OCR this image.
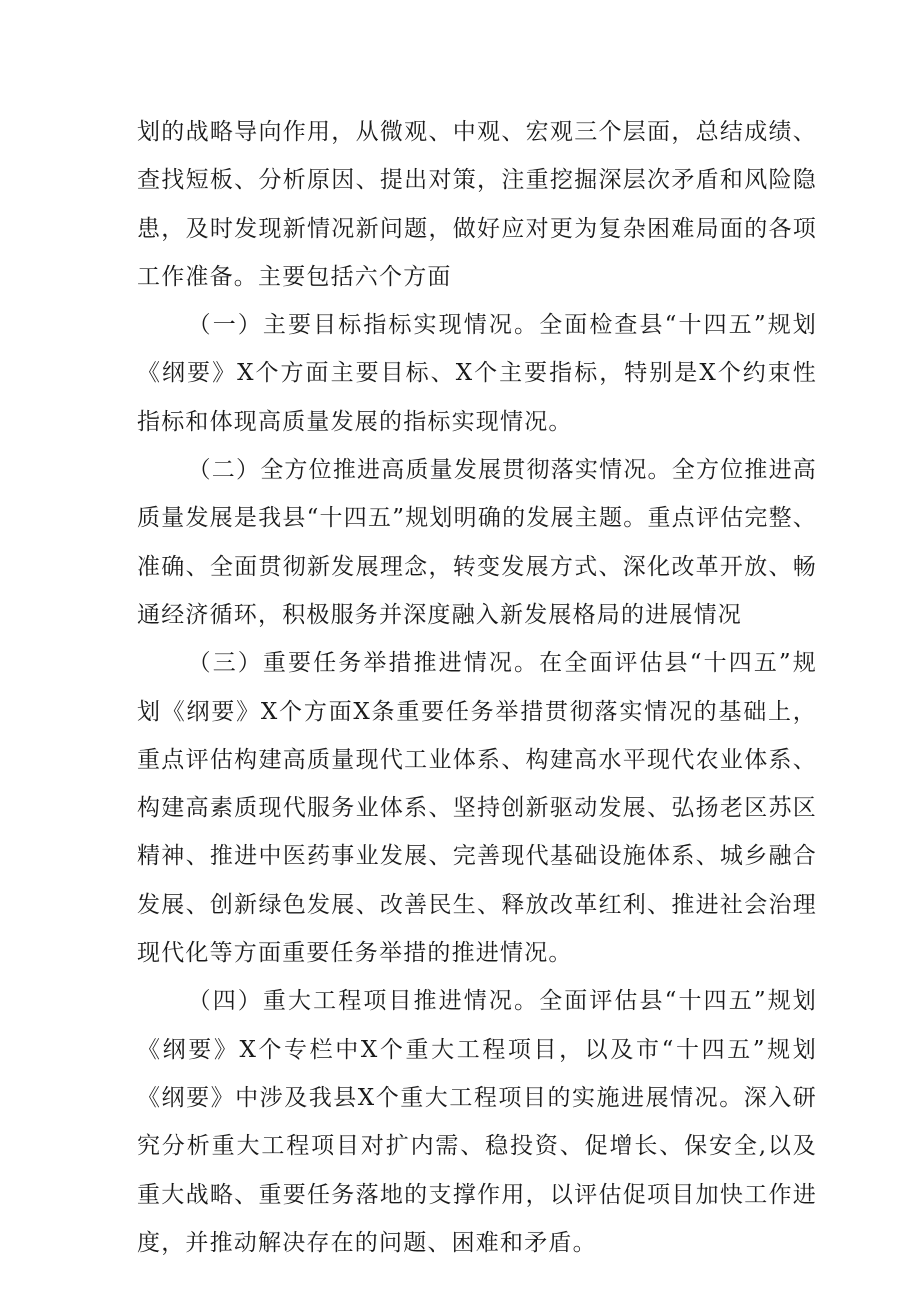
划的战略导向作用，从微观、中观、宏观三个层面，总结成绩、查找短板、分析原因、提出对策，注重挖掘深层次矛盾和风险隐患，及时发现新情况新问题，做好应对更为复杂困难局面的各项工作准备。主要包括六个方面

（一）主要目标指标实现情况。全面检查县“十四五”规划《纲要》X个方面主要目标、X个主要指标，特别是X个约束性指标和体现高质量发展的指标实现情况。

（二）全方位推进高质量发展贯彻落实情况。全方位推进高质量发展是我县“十四五”规划明确的发展主题。重点评估完整、准确、全面贯彻新发展理念，转变发展方式、深化改革开放、畅通经济循环，积极服务并深度融入新发展格局的进展情况

（三）重要任务举措推进情况。在全面评估县“十四五”规划《纲要》X个方面X条重要任务举措贯彻落实情况的基础上，重点评估构建高质量现代工业体系、构建高水平现代农业体系、构建高素质现代服务业体系、坚持创新驱动发展、弘扬老区苏区精神、推进中医药事业发展、完善现代基础设施体系、城乡融合发展、创新绿色发展、改善民生、释放改革红利、推进社会治理现代化等方面重要任务举措的推进情况。

（四）重大工程项目推进情况。全面评估县“十四五”规划《纲要》X个专栏中X个重大工程项目，以及市“十四五”规划《纲要》中涉及我县X个重大工程项目的实施进展情况。深入研究分析重大工程项目对扩内需、稳投资、促增长、保安全,以及重大战略、重要任务落地的支撑作用，以评估促项目加快工作进度，并推动解决存在的问题、困难和矛盾。
